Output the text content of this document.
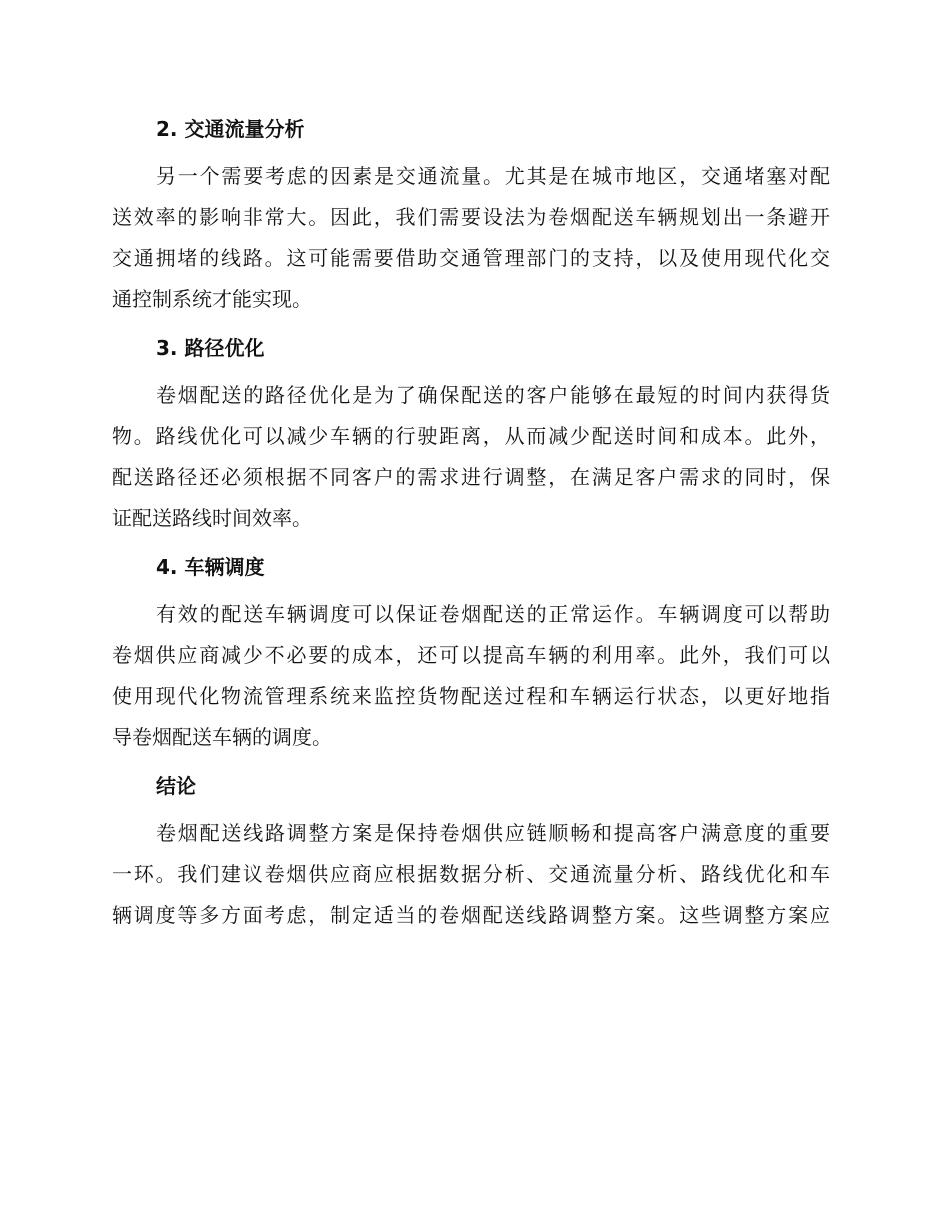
2. 交通流量分析
另一个需要考虑的因素是交通流量。尤其是在城市地区，交通堵塞对配
送效率的影响非常大。因此，我们需要设法为卷烟配送车辆规划出一条避开
交通拥堵的线路。这可能需要借助交通管理部门的支持，以及使用现代化交
通控制系统才能实现。
3. 路径优化
卷烟配送的路径优化是为了确保配送的客户能够在最短的时间内获得货
物。路线优化可以减少车辆的行驶距离，从而减少配送时间和成本。此外，
配送路径还必须根据不同客户的需求进行调整，在满足客户需求的同时，保
证配送路线时间效率。
4. 车辆调度
有效的配送车辆调度可以保证卷烟配送的正常运作。车辆调度可以帮助
卷烟供应商减少不必要的成本，还可以提高车辆的利用率。此外，我们可以
使用现代化物流管理系统来监控货物配送过程和车辆运行状态，以更好地指
导卷烟配送车辆的调度。
结论
卷烟配送线路调整方案是保持卷烟供应链顺畅和提高客户满意度的重要
一环。我们建议卷烟供应商应根据数据分析、交通流量分析、路线优化和车
辆调度等多方面考虑，制定适当的卷烟配送线路调整方案。这些调整方案应
